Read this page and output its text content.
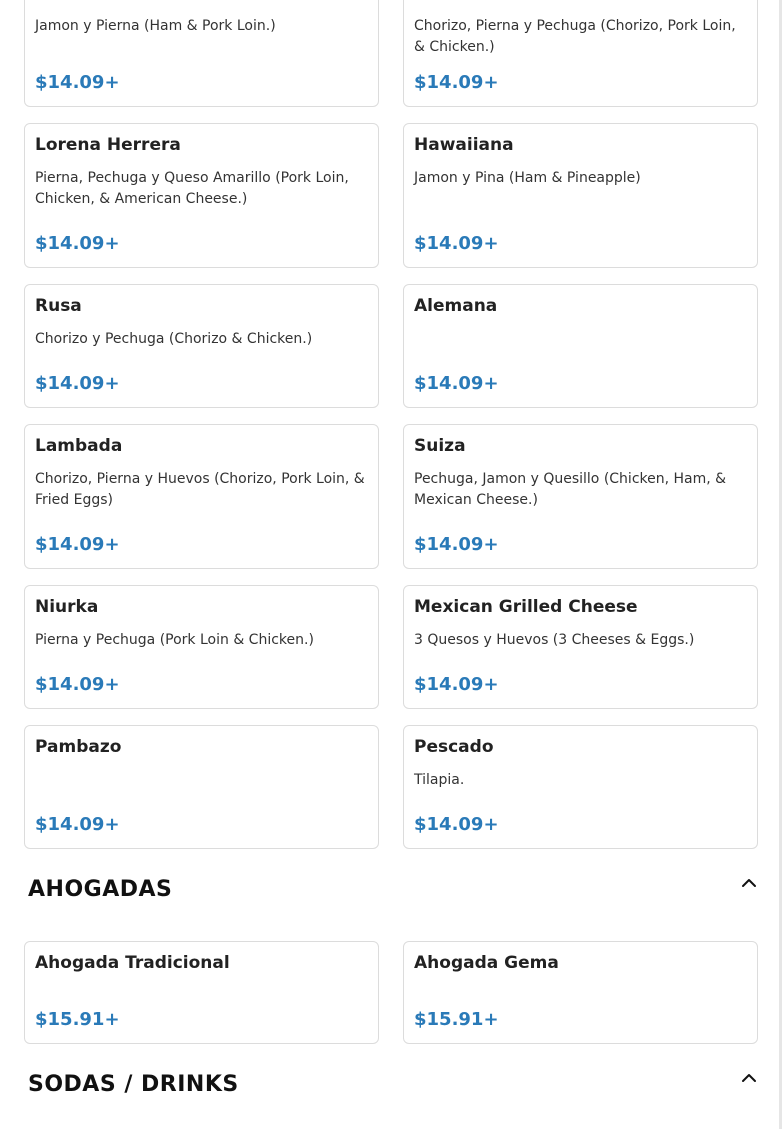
Jamon y Pierna (Ham & Pork Loin.)
$14.09+
Chorizo, Pierna y Pechuga (Chorizo, Pork Loin, & Chicken.)
$14.09+
Lorena Herrera
Pierna, Pechuga y Queso Amarillo (Pork Loin, Chicken, & American Cheese.)
$14.09+
Hawaiiana
Jamon y Pina (Ham & Pineapple)
$14.09+
Rusa
Chorizo y Pechuga (Chorizo & Chicken.)
$14.09+
Alemana
$14.09+
Lambada
Chorizo, Pierna y Huevos (Chorizo, Pork Loin, & Fried Eggs)
$14.09+
Suiza
Pechuga, Jamon y Quesillo (Chicken, Ham, & Mexican Cheese.)
$14.09+
Niurka
Pierna y Pechuga (Pork Loin & Chicken.)
$14.09+
Mexican Grilled Cheese
3 Quesos y Huevos (3 Cheeses & Eggs.)
$14.09+
Pambazo
$14.09+
Pescado
Tilapia.
$14.09+
AHOGADAS
Ahogada Tradicional
$15.91+
Ahogada Gema
$15.91+
SODAS / DRINKS
